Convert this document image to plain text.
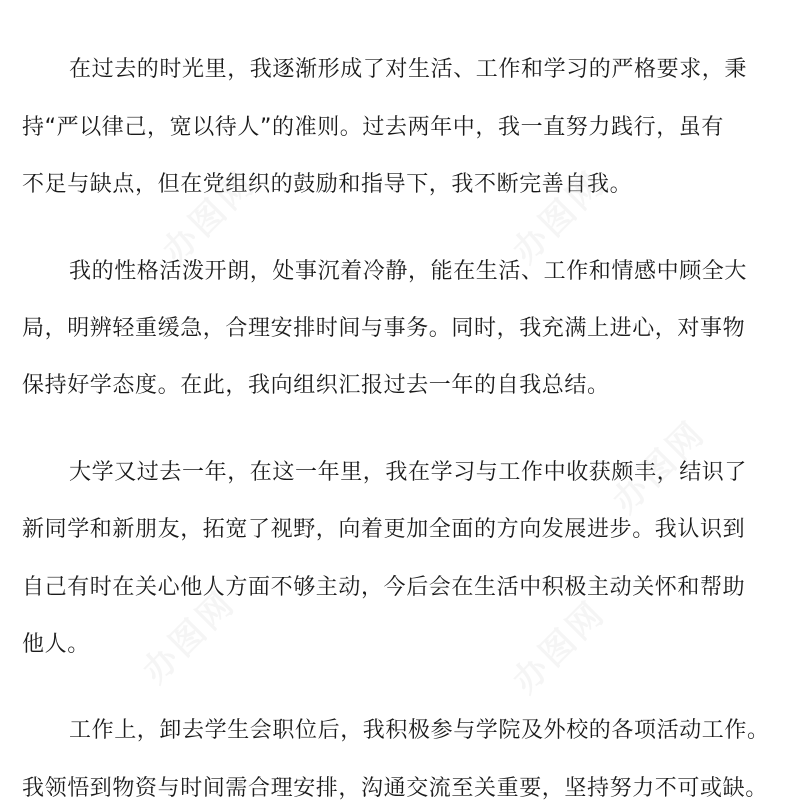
在过去的时光里，我逐渐形成了对生活、工作和学习的严格要求，秉
持“严以律己，宽以待人”的准则。过去两年中，我一直努力践行，虽有
不足与缺点，但在党组织的鼓励和指导下，我不断完善自我。
我的性格活泼开朗，处事沉着冷静，能在生活、工作和情感中顾全大
局，明辨轻重缓急，合理安排时间与事务。同时，我充满上进心，对事物
保持好学态度。在此，我向组织汇报过去一年的自我总结。
大学又过去一年，在这一年里，我在学习与工作中收获颇丰，结识了
新同学和新朋友，拓宽了视野，向着更加全面的方向发展进步。我认识到
自己有时在关心他人方面不够主动，今后会在生活中积极主动关怀和帮助
他人。
工作上，卸去学生会职位后，我积极参与学院及外校的各项活动工作。
我领悟到物资与时间需合理安排，沟通交流至关重要，坚持努力不可或缺。
办图网	办图网
办图网
办图网	办图网
